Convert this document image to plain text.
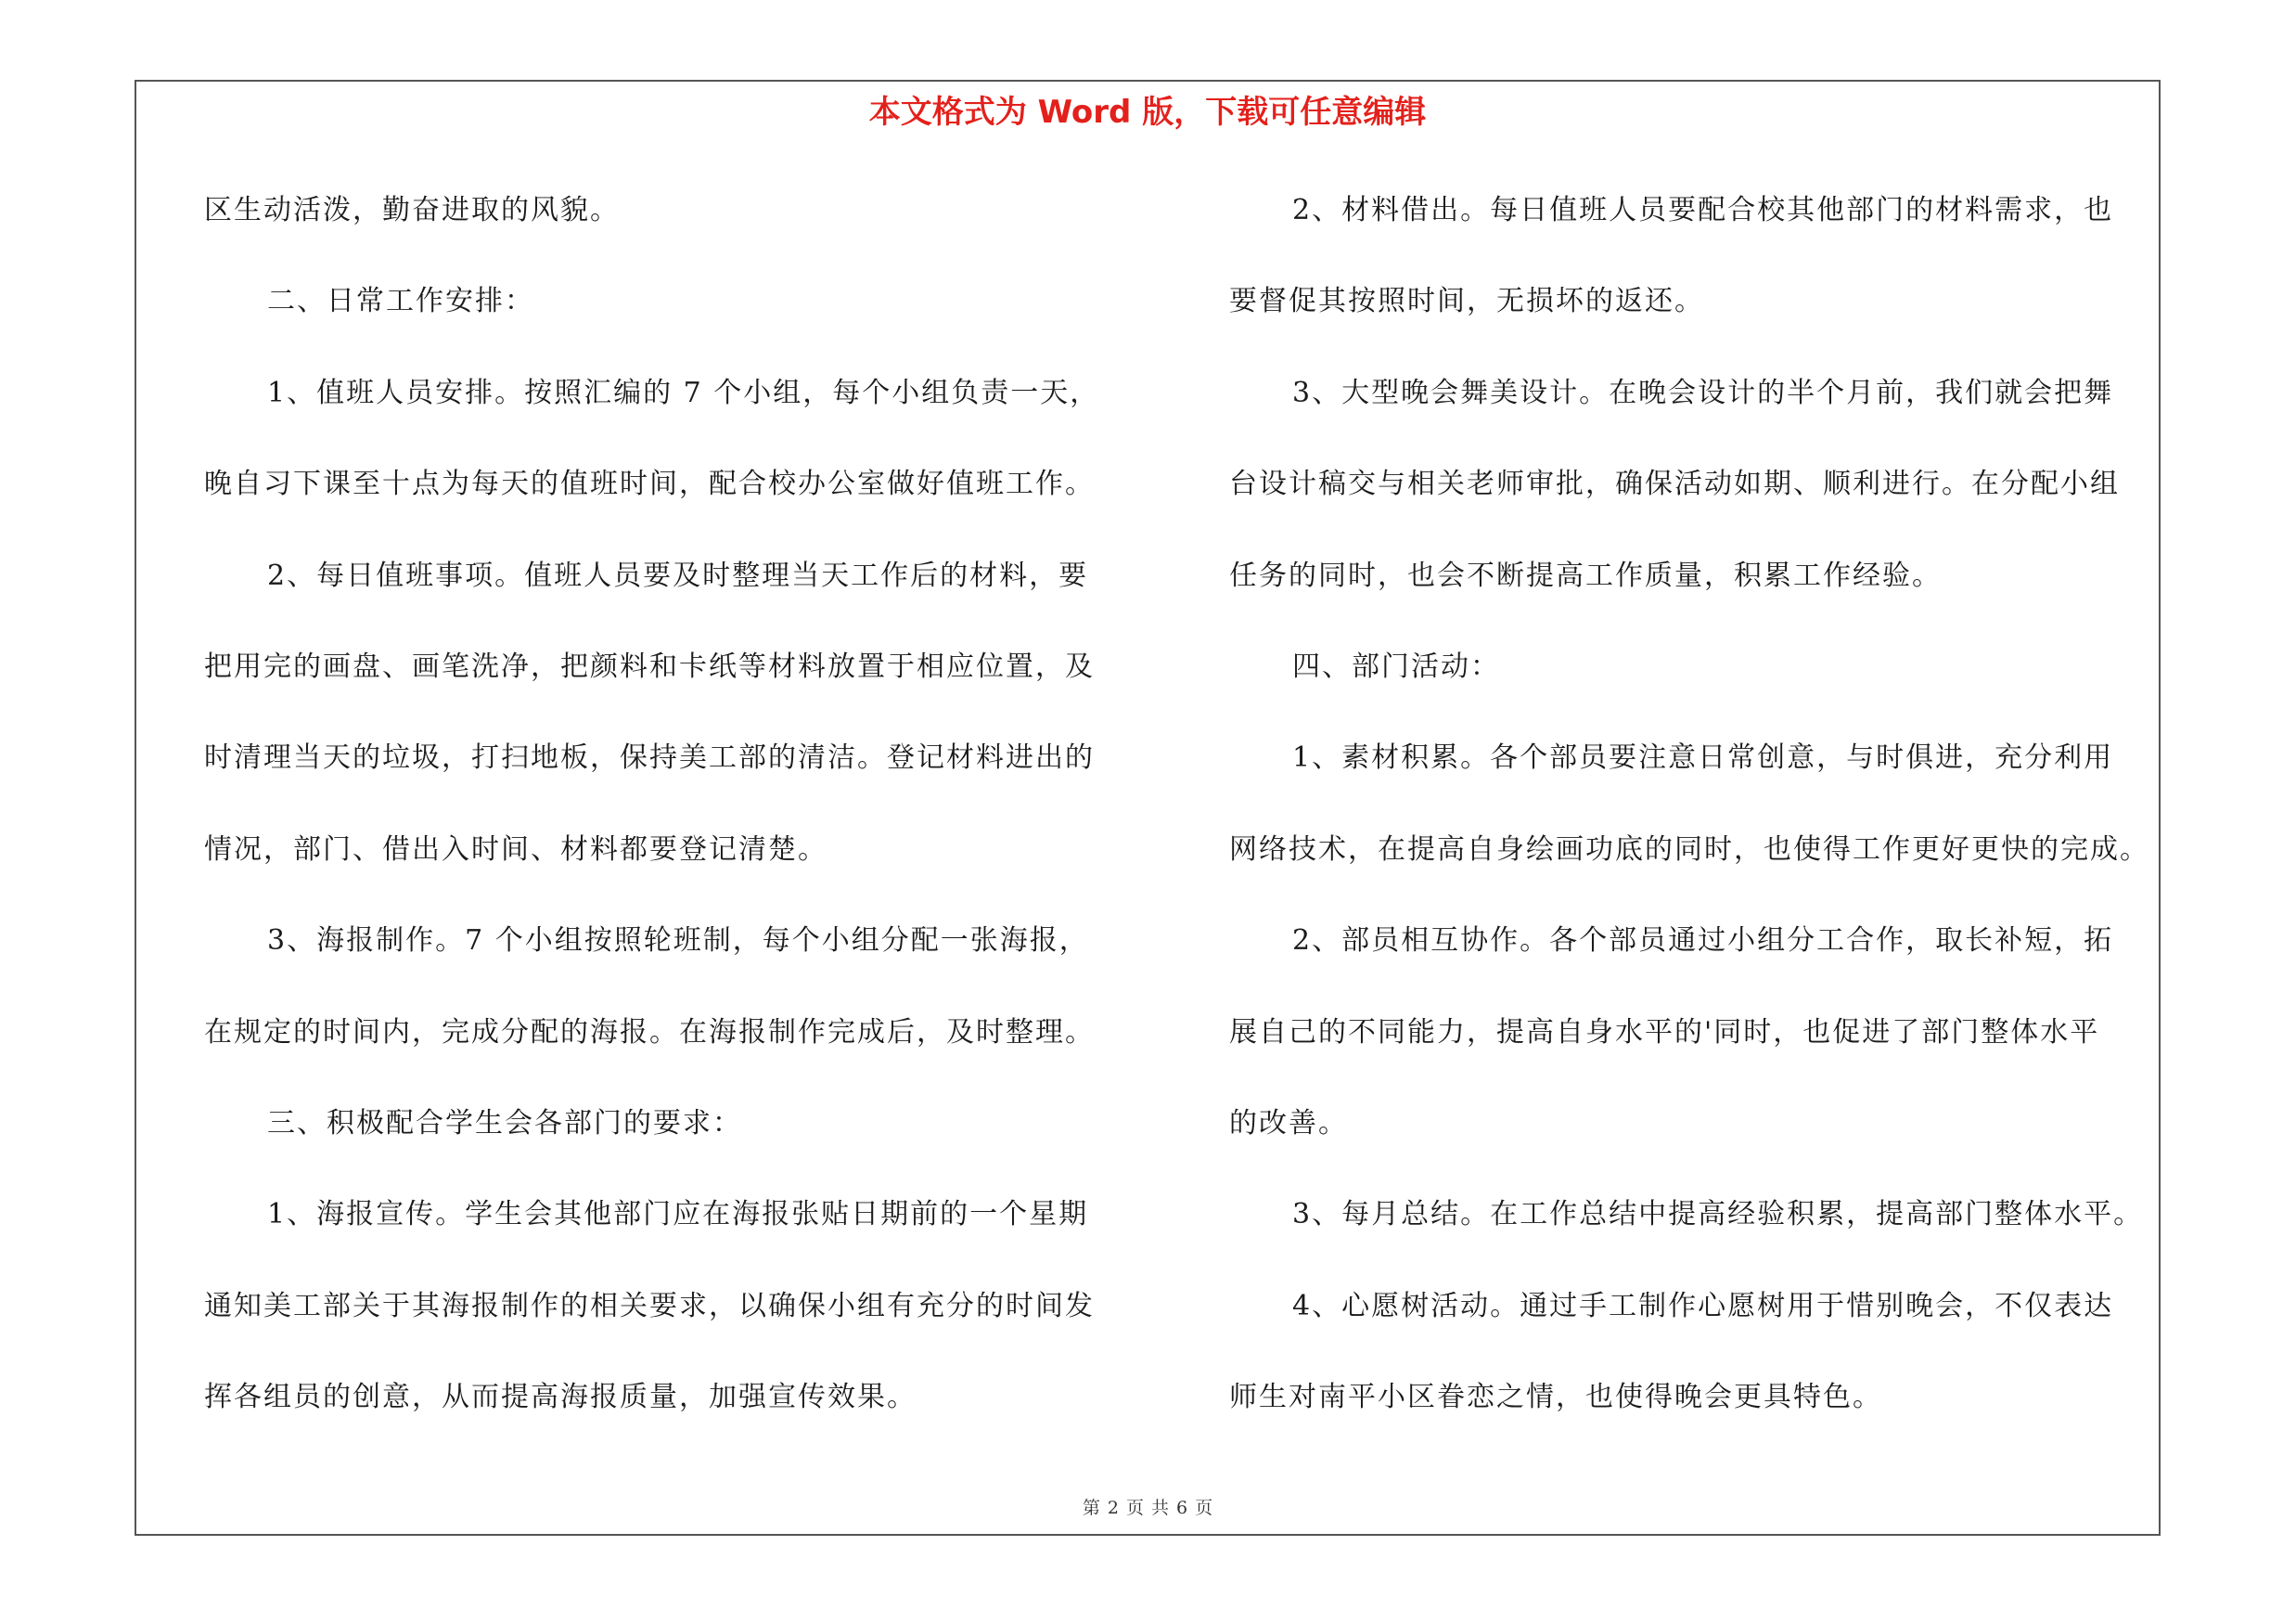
本文格式为 Word 版，下载可任意编辑
区生动活泼，勤奋进取的风貌。
二、日常工作安排：
1、值班人员安排。按照汇编的 7 个小组，每个小组负责一天，
晚自习下课至十点为每天的值班时间，配合校办公室做好值班工作。
2、每日值班事项。值班人员要及时整理当天工作后的材料，要
把用完的画盘、画笔洗净，把颜料和卡纸等材料放置于相应位置，及
时清理当天的垃圾，打扫地板，保持美工部的清洁。登记材料进出的
情况，部门、借出入时间、材料都要登记清楚。
3、海报制作。7 个小组按照轮班制，每个小组分配一张海报，
在规定的时间内，完成分配的海报。在海报制作完成后，及时整理。
三、积极配合学生会各部门的要求：
1、海报宣传。学生会其他部门应在海报张贴日期前的一个星期
通知美工部关于其海报制作的相关要求，以确保小组有充分的时间发
挥各组员的创意，从而提高海报质量，加强宣传效果。
2、材料借出。每日值班人员要配合校其他部门的材料需求，也
要督促其按照时间，无损坏的返还。
3、大型晚会舞美设计。在晚会设计的半个月前，我们就会把舞
台设计稿交与相关老师审批，确保活动如期、顺利进行。在分配小组
任务的同时，也会不断提高工作质量，积累工作经验。
四、部门活动：
1、素材积累。各个部员要注意日常创意，与时俱进，充分利用
网络技术，在提高自身绘画功底的同时，也使得工作更好更快的完成。
2、部员相互协作。各个部员通过小组分工合作，取长补短，拓
展自己的不同能力，提高自身水平的'同时，也促进了部门整体水平
的改善。
3、每月总结。在工作总结中提高经验积累，提高部门整体水平。
4、心愿树活动。通过手工制作心愿树用于惜别晚会，不仅表达
师生对南平小区眷恋之情，也使得晚会更具特色。
第 2 页 共 6 页
